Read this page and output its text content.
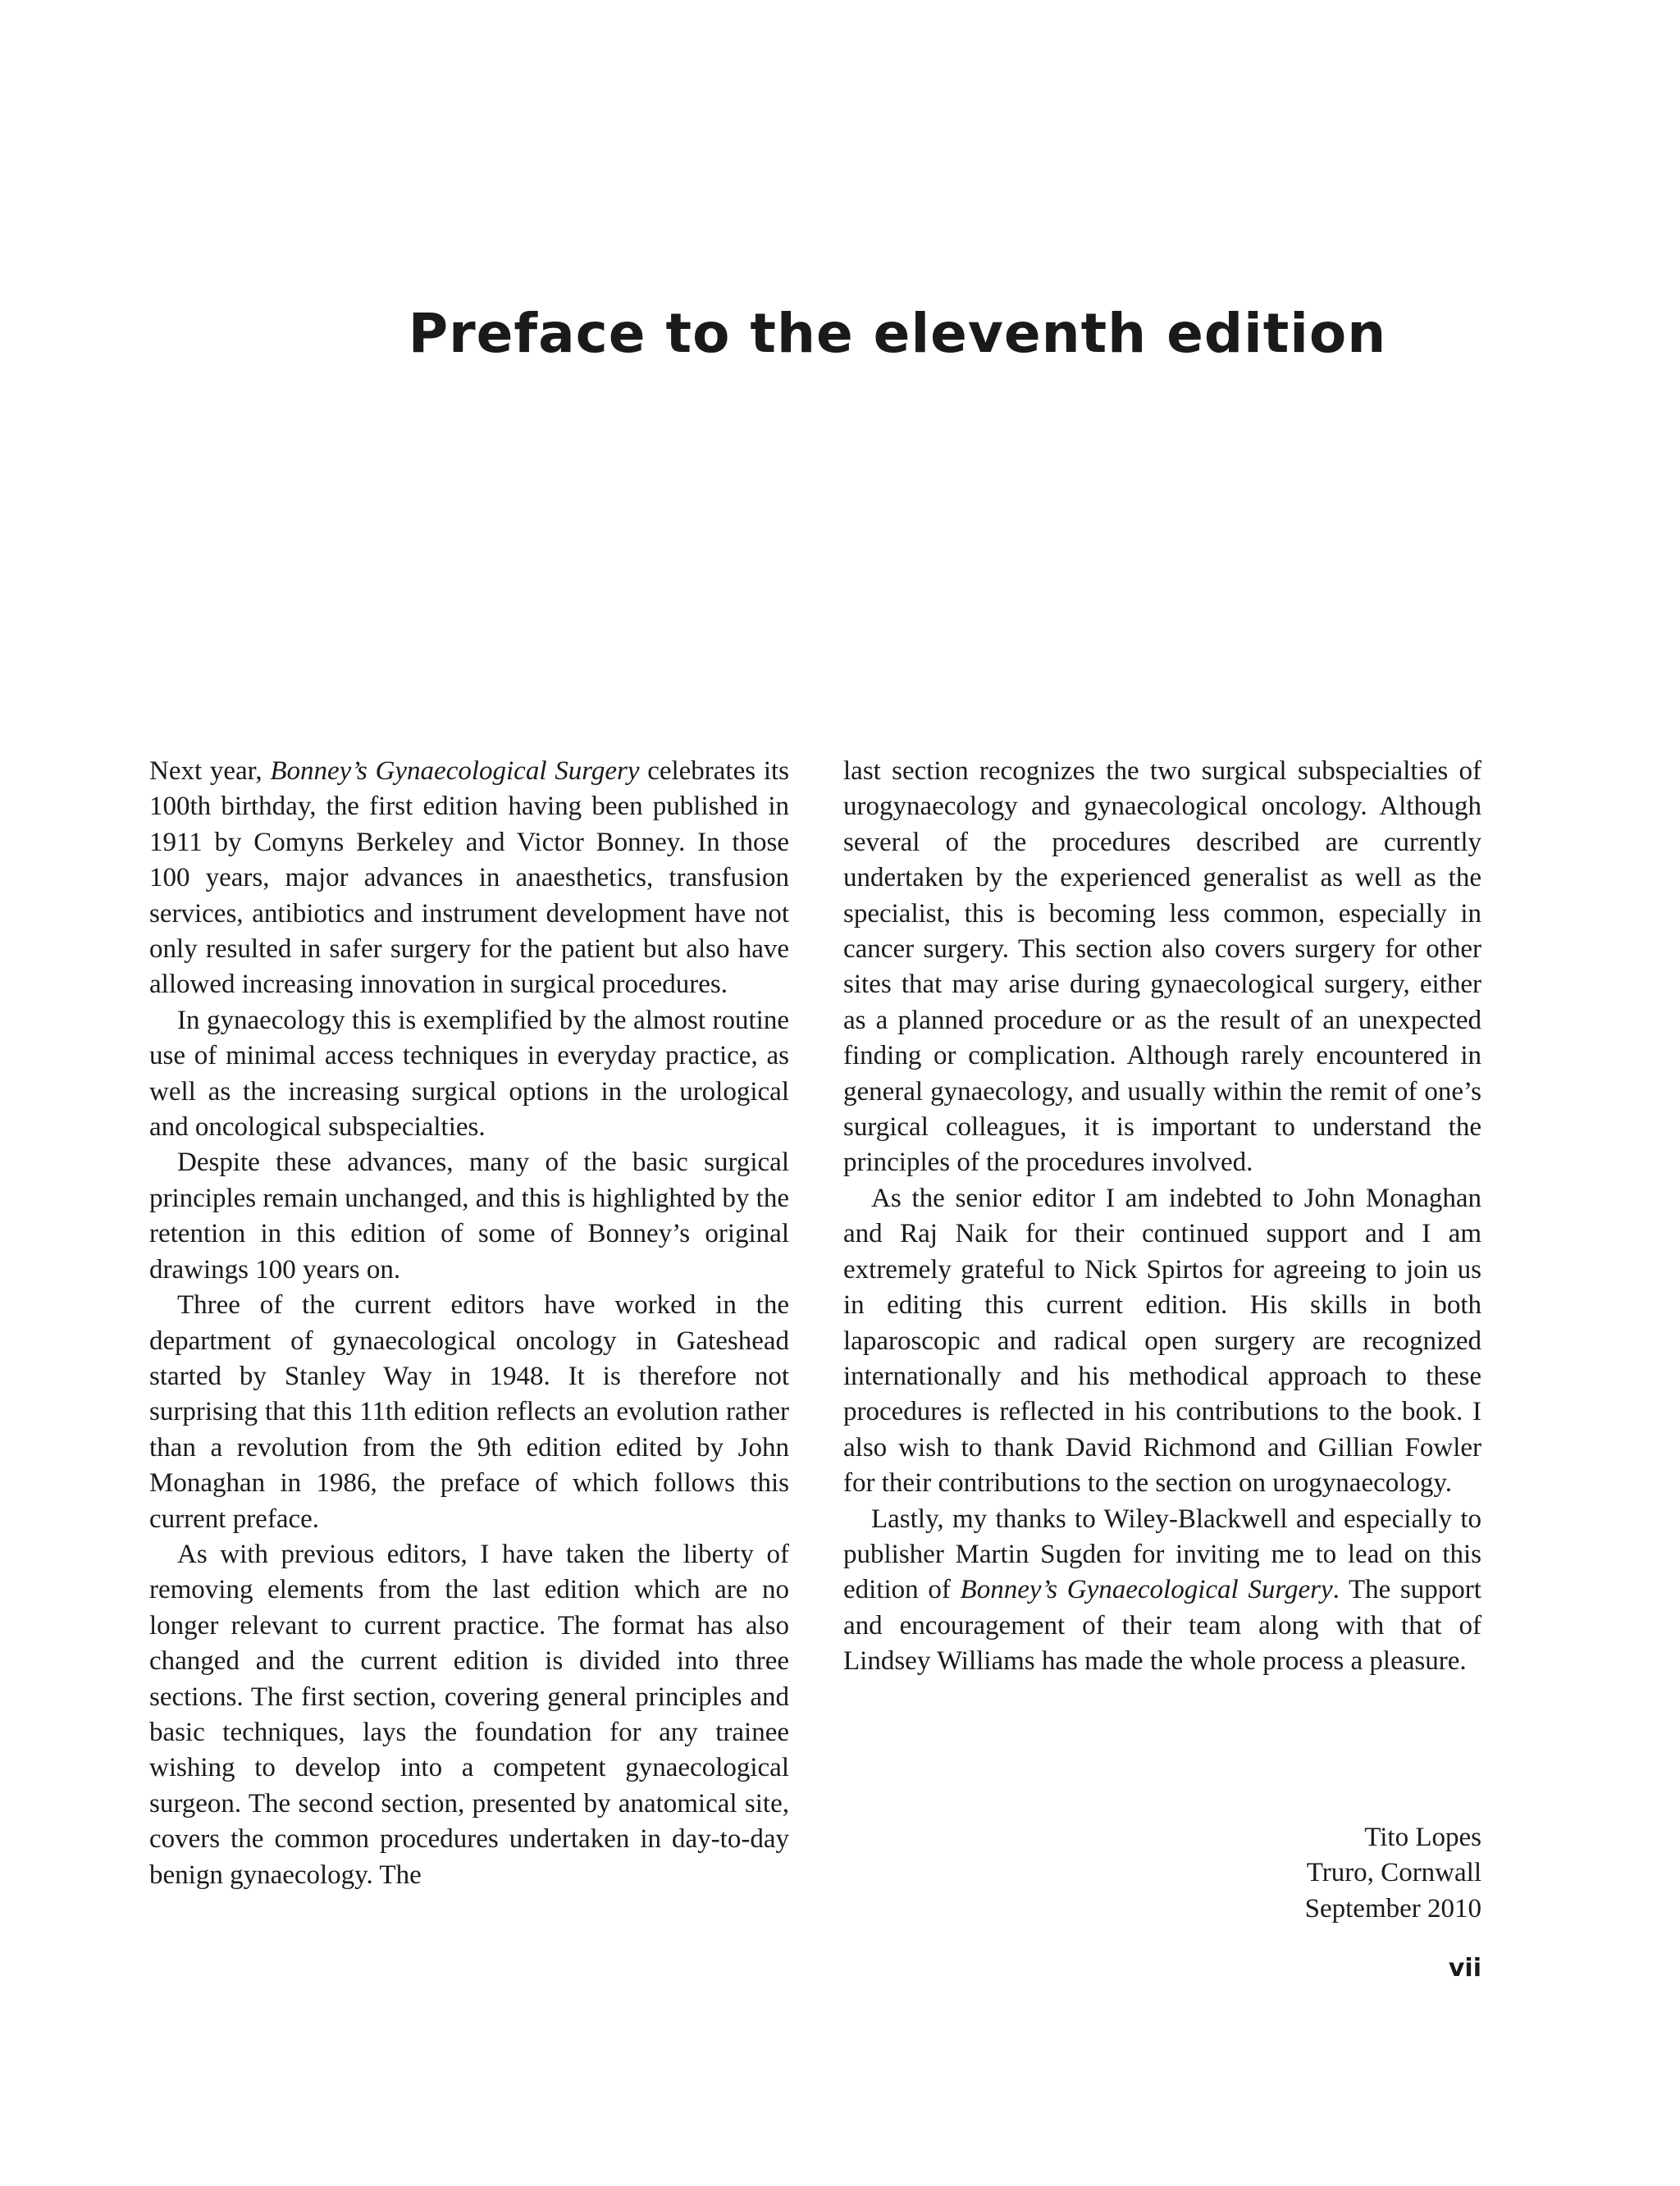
Preface to the eleventh edition

Next year, Bonney’s Gynaecological Surgery celebrates its 100th birthday, the first edition having been published in 1911 by Comyns Berkeley and Victor Bonney. In those 100 years, major advances in anaesthetics, transfusion services, antibiotics and instrument development have not only resulted in safer surgery for the patient but also have allowed increasing innovation in surgical procedures.

In gynaecology this is exemplified by the almost routine use of minimal access techniques in everyday practice, as well as the increasing surgical options in the urological and oncological subspecialties.

Despite these advances, many of the basic surgical principles remain unchanged, and this is highlighted by the retention in this edition of some of Bonney’s original drawings 100 years on.

Three of the current editors have worked in the department of gynaecological oncology in Gateshead started by Stanley Way in 1948. It is therefore not surprising that this 11th edition reflects an evolution rather than a revolution from the 9th edition edited by John Monaghan in 1986, the preface of which follows this current preface.

As with previous editors, I have taken the liberty of removing elements from the last edition which are no longer relevant to current practice. The format has also changed and the current edition is divided into three sections. The first section, covering general principles and basic techniques, lays the foundation for any trainee wishing to develop into a competent gynaecological surgeon. The second section, presented by anatomical site, covers the common procedures undertaken in day-to-day benign gynaecology. The

last section recognizes the two surgical subspecialties of urogynaecology and gynaecological oncology. Although several of the procedures described are currently undertaken by the experienced generalist as well as the specialist, this is becoming less common, especially in cancer surgery. This section also covers surgery for other sites that may arise during gynaecological surgery, either as a planned procedure or as the result of an unexpected finding or complication. Although rarely encountered in general gynaecology, and usually within the remit of one’s surgical colleagues, it is important to understand the principles of the procedures involved.

As the senior editor I am indebted to John Monaghan and Raj Naik for their continued support and I am extremely grateful to Nick Spirtos for agreeing to join us in editing this current edition. His skills in both laparoscopic and radical open surgery are recognized internationally and his methodical approach to these procedures is reflected in his contributions to the book. I also wish to thank David Richmond and Gillian Fowler for their contributions to the section on urogynaecology.

Lastly, my thanks to Wiley-Blackwell and especially to publisher Martin Sugden for inviting me to lead on this edition of Bonney’s Gynaecological Surgery. The support and encouragement of their team along with that of Lindsey Williams has made the whole process a pleasure.

Tito Lopes
Truro, Cornwall
September 2010
vii
